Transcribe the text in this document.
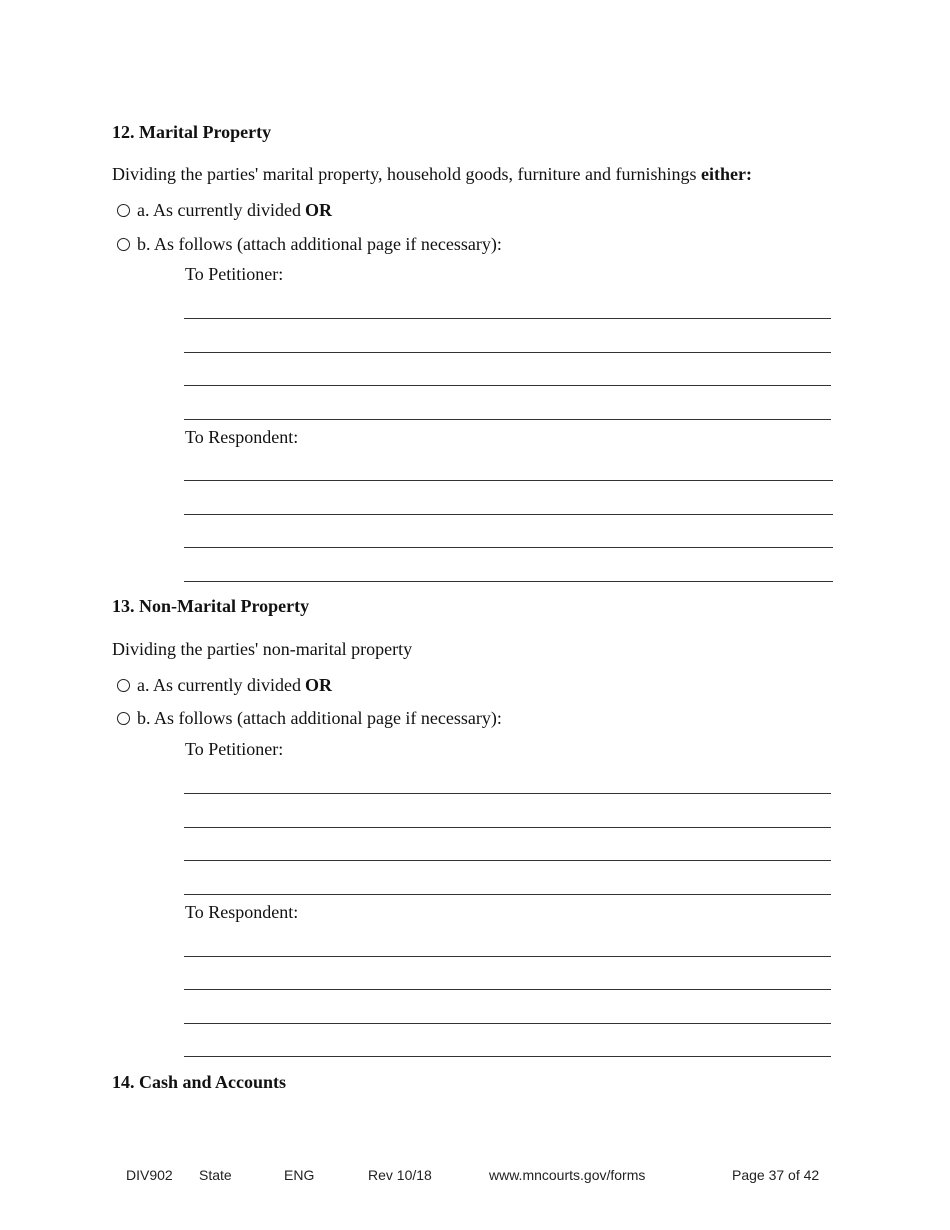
12. Marital Property
Dividing the parties' marital property, household goods, furniture and furnishings either:
a. As currently divided OR
b. As follows (attach additional page if necessary):
To Petitioner:
To Respondent:
13. Non-Marital Property
Dividing the parties' non-marital property
a. As currently divided OR
b. As follows (attach additional page if necessary):
To Petitioner:
To Respondent:
14. Cash and Accounts
DIV902 State	ENG	Rev 10/18	www.mncourts.gov/forms	Page 37 of 42
